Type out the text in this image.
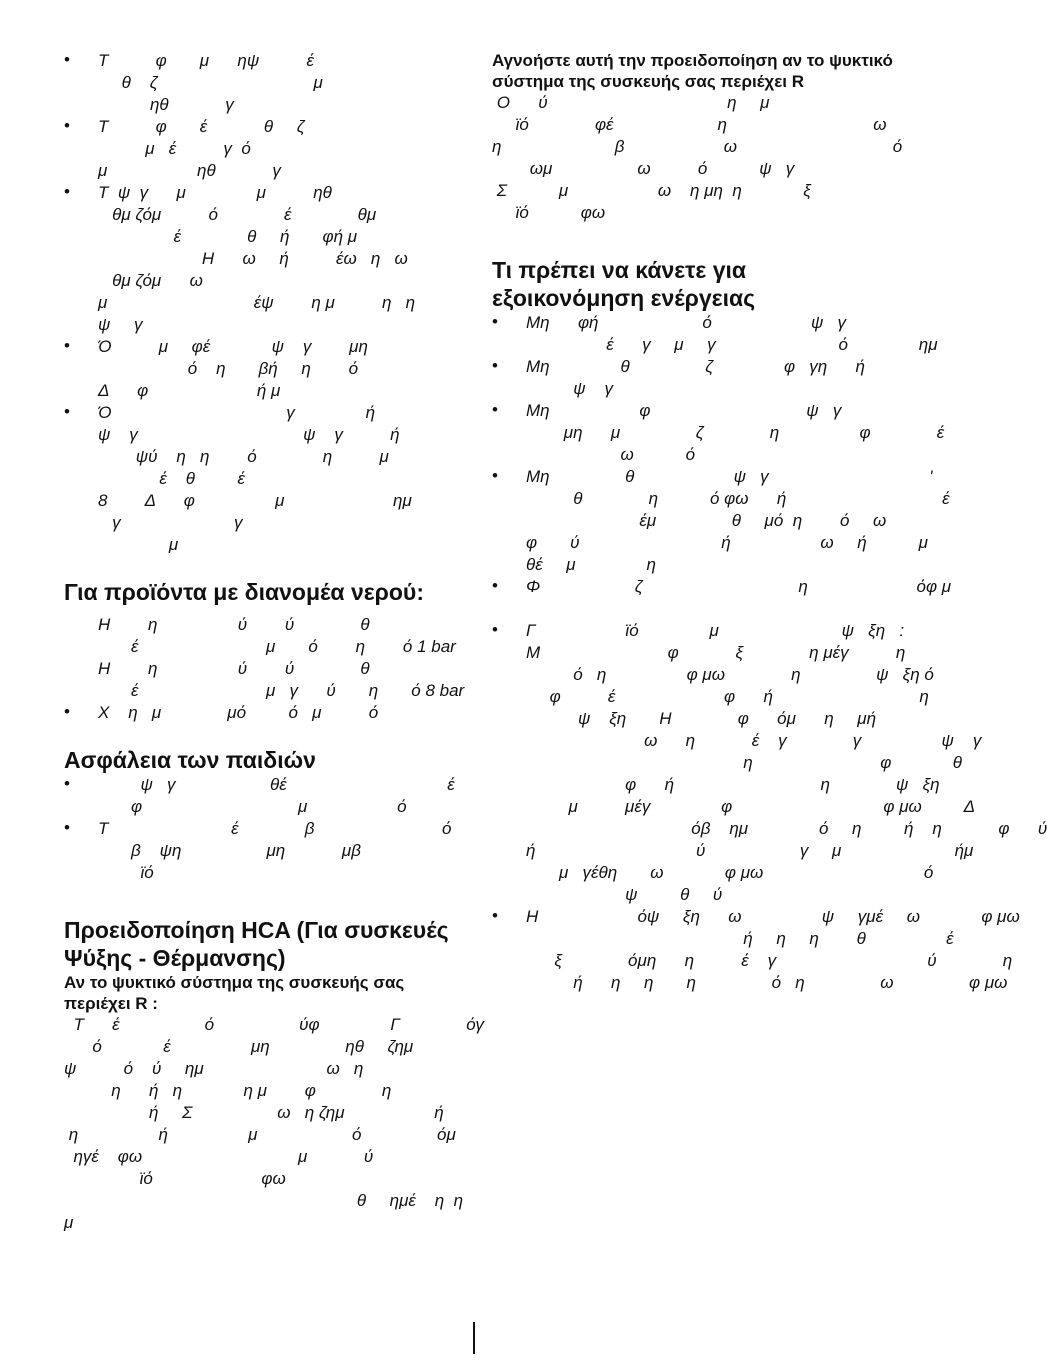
• Τ          φ       μ      ηψ          έ
θ    ζ                                 μ
ηθ            γ
• Τ          φ       έ            θ     ζ
μ   έ          γ  ό
μ                   ηθ            γ
• Τ  ψ  γ      μ               μ          ηθ
θμ ζόμ          ό              έ              θμ
έ              θ     ή       φή μ
Η      ω     ή          έω   η   ω
θμ ζόμ      ω
μ                               έψ        η μ          η   η
ψ     γ
• Ό          μ     φέ             ψ    γ        μη
ό    η       βή     η        ό
Δ      φ                       ή μ
• Ό                                     γ               ή
ψ    γ                                   ψ    γ          ή
ψύ    η   η        ό              η          μ
έ    θ         έ
8        Δ      φ                 μ                       ημ
γ                        γ
μ
Για προϊόντα με διανομέα νερού:
Η        η                 ύ        ύ              θ
έ                           μ       ό        η        ό 1 bar
Η        η                 ύ        ύ              θ
έ                           μ   γ      ύ       η       ό 8 bar
• Χ    η   μ              μό         ό   μ          ό
Ασφάλεια των παιδιών
•          ψ   γ                    θέ                                  έ
φ                                 μ                   ό
• Τ                          έ              β                           ό
β    ψη                  μη            μβ
ϊό
Προειδοποίηση HCA (Για συσκευές Ψύξης - Θέρμανσης)
Αν το ψυκτικό σύστημα της συσκευής σας περιέχει R :
Τ      έ                  ό                  ύφ               Γ              όγ
ό             έ                 μη                ηθ     ζημ
ψ          ό    ύ     ημ                          ω   η
η      ή   η             η μ        φ              η
ή     Σ                  ω   η ζημ                   ή
η                 ή                 μ                    ό                όμ
ηγέ    φω                                 μ            ύ
ϊό                       φω
θ     ημέ    η  η
μ
Αγνοήστε αυτή την προειδοποίηση αν το ψυκτικό σύστημα της συσκευής σας περιέχει R
Ο      ύ                                      η     μ
ϊό              φέ                      η                               ω
η                        β                     ω                                 ό
ωμ                  ω          ό           ψ   γ
Σ           μ                   ω    η μη  η             ξ
ϊό           φω
Τι πρέπει να κάνετε για εξοικονόμηση ενέργειας
• Μη      φή                      ό                     ψ   γ
έ      γ     μ     γ                          ό               ημ
• Μη               θ                ζ               φ   γη      ή
ψ    γ
• Μη                   φ                                 ψ   γ
μη      μ                ζ              η                 φ              έ
ω           ό
• Μη                θ                     ψ   γ                                  '
θ              η           ό φω      ή                                 έ
έμ                θ     μό  η        ό     ω
φ       ύ                              ή                   ω     ή           μ
θέ     μ               η
• Φ                    ζ                                 η                       όφ μ
• Γ                   ϊό               μ                          ψ   ξη   :
Μ                           φ            ξ              η μέγ          η
ό   η                 φ μω              η                ψ   ξη ό
φ          έ                       φ      ή                               η
ψ    ξη       Η              φ      όμ      η     μή
ω      η            έ    γ              γ                 ψ    γ
η                           φ             θ
φ      ή                               η              ψ   ξη
μ          μέγ               φ                                φ μω         Δ
όβ    ημ               ό     η         ή    η            φ      ύ
ή                                  ύ                    γ     μ                        ήμ
μ   γέθη       ω             φ μω                                  ό
ψ         θ     ύ
• Η                     όψ     ξη      ω                 ψ     γμέ     ω             φ μω
ή     η     η        θ                 έ
ξ              όμη      η          έ    γ                                ύ              η
ή      η     η       η                ό   η                ω                φ μω
